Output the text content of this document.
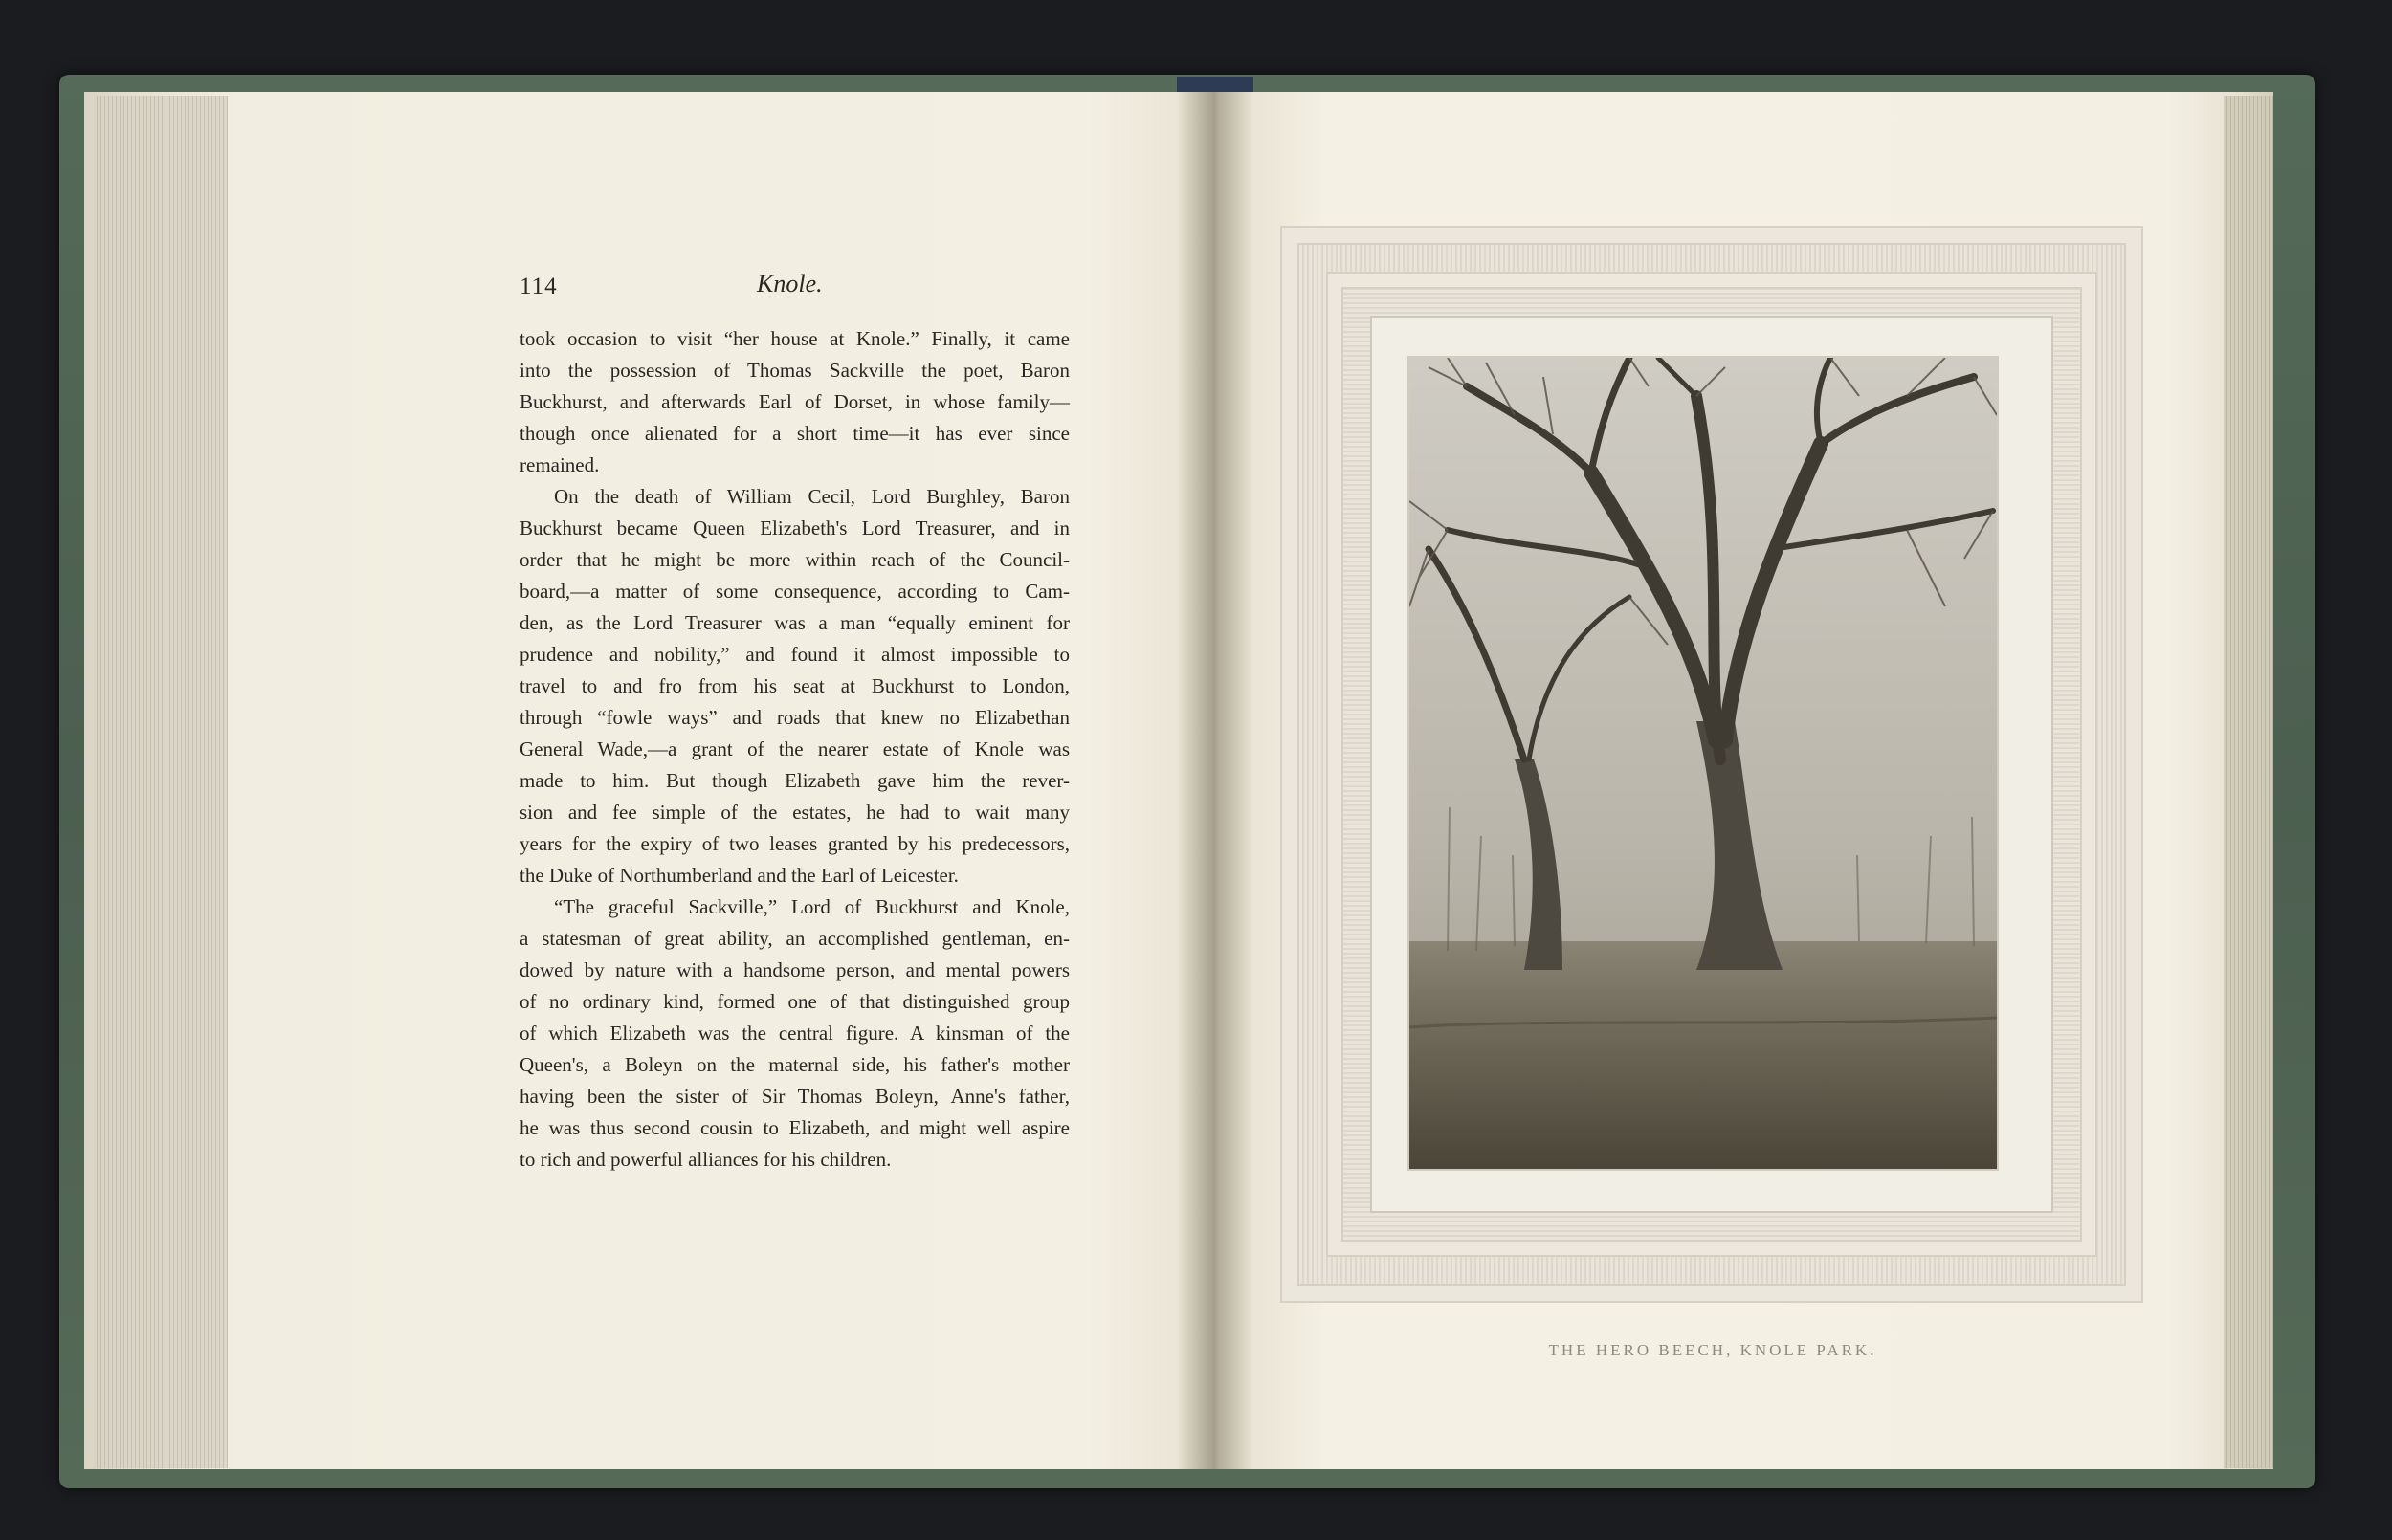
114	Knole.
took occasion to visit “her house at Knole.” Finally, it came
into the possession of Thomas Sackville the poet, Baron
Buckhurst, and afterwards Earl of Dorset, in whose family—
though once alienated for a short time—it has ever since
remained.
On the death of William Cecil, Lord Burghley, Baron
Buckhurst became Queen Elizabeth's Lord Treasurer, and in
order that he might be more within reach of the Council-
board,—a matter of some consequence, according to Cam-
den, as the Lord Treasurer was a man “equally eminent for
prudence and nobility,” and found it almost impossible to
travel to and fro from his seat at Buckhurst to London,
through “fowle ways” and roads that knew no Elizabethan
General Wade,—a grant of the nearer estate of Knole was
made to him. But though Elizabeth gave him the rever-
sion and fee simple of the estates, he had to wait many
years for the expiry of two leases granted by his predecessors,
the Duke of Northumberland and the Earl of Leicester.
“The graceful Sackville,” Lord of Buckhurst and Knole,
a statesman of great ability, an accomplished gentleman, en-
dowed by nature with a handsome person, and mental powers
of no ordinary kind, formed one of that distinguished group
of which Elizabeth was the central figure. A kinsman of the
Queen's, a Boleyn on the maternal side, his father's mother
having been the sister of Sir Thomas Boleyn, Anne's father,
he was thus second cousin to Elizabeth, and might well aspire
to rich and powerful alliances for his children.
THE HERO BEECH, KNOLE PARK.
